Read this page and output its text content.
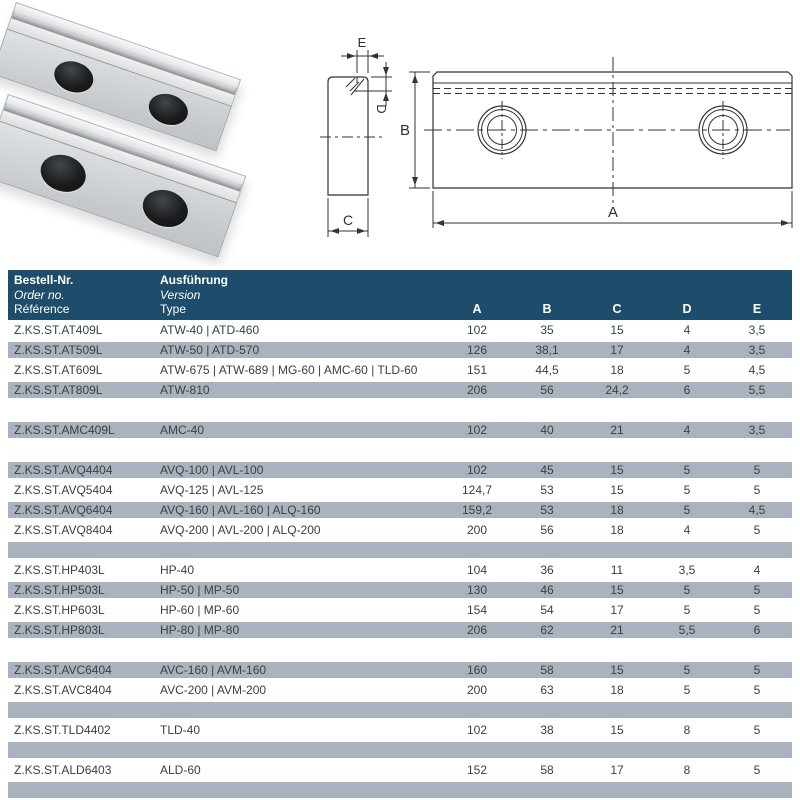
E
D
C
B
A
Bestell-Nr.
Order no.
Référence
Ausführung
Version
Type	A	B	C	D	E
Z.KS.ST.AT409L	ATW-40 | ATD-460	102	35	15	4	3,5
Z.KS.ST.AT509L	ATW-50 | ATD-570	126	38,1	17	4	3,5
Z.KS.ST.AT609L	ATW-675 | ATW-689 | MG-60 | AMC-60 | TLD-60	151	44,5	18	5	4,5
Z.KS.ST.AT809L	ATW-810	206	56	24,2	6	5,5
Z.KS.ST.AMC409L	AMC-40	102	40	21	4	3,5
Z.KS.ST.AVQ4404	AVQ-100 | AVL-100	102	45	15	5	5
Z.KS.ST.AVQ5404	AVQ-125 | AVL-125	124,7	53	15	5	5
Z.KS.ST.AVQ6404	AVQ-160 | AVL-160 | ALQ-160	159,2	53	18	5	4,5
Z.KS.ST.AVQ8404	AVQ-200 | AVL-200 | ALQ-200	200	56	18	4	5
Z.KS.ST.HP403L	HP-40	104	36	11	3,5	4
Z.KS.ST.HP503L	HP-50 | MP-50	130	46	15	5	5
Z.KS.ST.HP603L	HP-60 | MP-60	154	54	17	5	5
Z.KS.ST.HP803L	HP-80 | MP-80	206	62	21	5,5	6
Z.KS.ST.AVC6404	AVC-160 | AVM-160	160	58	15	5	5
Z.KS.ST.AVC8404	AVC-200 | AVM-200	200	63	18	5	5
Z.KS.ST.TLD4402	TLD-40	102	38	15	8	5
Z.KS.ST.ALD6403	ALD-60	152	58	17	8	5
